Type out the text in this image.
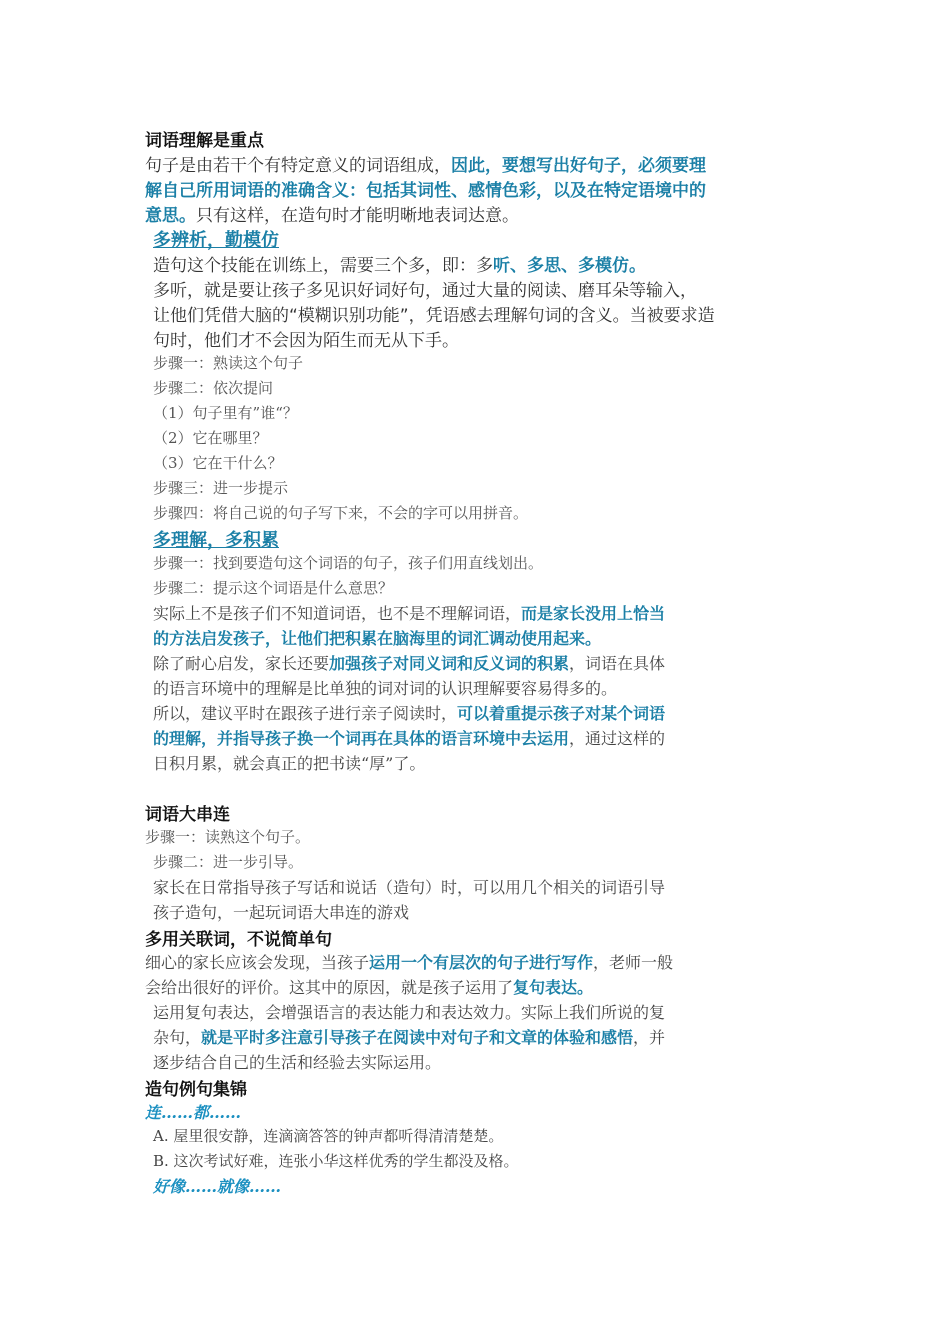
词语理解是重点
句子是由若干个有特定意义的词语组成，因此，要想写出好句子，必须要理
解自己所用词语的准确含义：包括其词性、感情色彩，以及在特定语境中的
意思。只有这样，在造句时才能明晰地表词达意。
多辨析，勤模仿
造句这个技能在训练上，需要三个多，即：多听、多思、多模仿。
多听，就是要让孩子多见识好词好句，通过大量的阅读、磨耳朵等输入，
让他们凭借大脑的“模糊识别功能”，凭语感去理解句词的含义。当被要求造
句时，他们才不会因为陌生而无从下手。
步骤一：熟读这个句子
步骤二：依次提问
（1）句子里有”谁“？
（2）它在哪里？
（3）它在干什么？
步骤三：进一步提示
步骤四：将自己说的句子写下来，不会的字可以用拼音。
多理解，多积累
步骤一：找到要造句这个词语的句子，孩子们用直线划出。
步骤二：提示这个词语是什么意思？
实际上不是孩子们不知道词语，也不是不理解词语，而是家长没用上恰当
的方法启发孩子，让他们把积累在脑海里的词汇调动使用起来。
除了耐心启发，家长还要加强孩子对同义词和反义词的积累，词语在具体
的语言环境中的理解是比单独的词对词的认识理解要容易得多的。
所以，建议平时在跟孩子进行亲子阅读时，可以着重提示孩子对某个词语
的理解，并指导孩子换一个词再在具体的语言环境中去运用，通过这样的
日积月累，就会真正的把书读“厚”了。
词语大串连
步骤一：读熟这个句子。
步骤二：进一步引导。
家长在日常指导孩子写话和说话（造句）时，可以用几个相关的词语引导
孩子造句，一起玩词语大串连的游戏
多用关联词，不说简单句
细心的家长应该会发现，当孩子运用一个有层次的句子进行写作，老师一般
会给出很好的评价。这其中的原因，就是孩子运用了复句表达。
运用复句表达，会增强语言的表达能力和表达效力。实际上我们所说的复
杂句，就是平时多注意引导孩子在阅读中对句子和文章的体验和感悟，并
逐步结合自己的生活和经验去实际运用。
造句例句集锦
连……都……
A. 屋里很安静，连滴滴答答的钟声都听得清清楚楚。
B. 这次考试好难，连张小华这样优秀的学生都没及格。
好像……就像……
